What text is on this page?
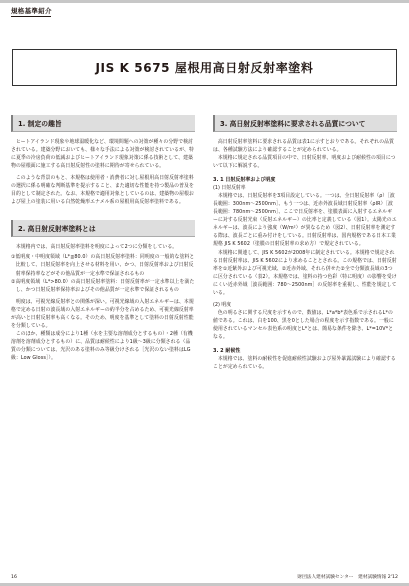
規格基準紹介
JIS K 5675 屋根用高日射反射率塗料
1. 制定の趣旨

ヒートアイランド現象や地球温暖化など、環境問題への対策が種々の分野で検討されている。建築分野においても、様々な手法による対策が検討されているが、特に夏季の冷房負荷の低減およびヒートアイランド現象対策に係る技術として、建築物の屋根面に施工する高日射反射性の塗料に期待が寄せられている。

このような背景のもと、本規格は使用者・消費者に対し屋根用高日射反射率塗料の選択に係る明確な判断基準を提示すること、また適切な性能を持つ製品の普及を目的として制定された。なお、本規格で適用対象としているのは、建築物の屋根および屋上の塗装に用いる白然乾燥形エナメル系の屋根用高反射率塗料である。

2. 高日射反射率塗料とは

本規格内では、高日射反射率塗料を明度によって2つに分類をしている。

①低明度・中明度領域（L*≦80.0）の高日射反射率塗料：同明度の一般的な塗料と比較して、日射反射率を向上させる材料を用い、かつ、日射反射率および日射反射率保持率などがその他品質が一定水準で保証されるもの

②高明度領域（L*>80.0）の高日射反射率塗料：日射反射率が一定水準以上を満たし、かつ日射反射率保持率およびその他品質が一定水準で保証されるもの

明度は、可視光線反射率との関係が深い。可視光線域の入射エネルギーは、本規格で定める日射の波長域の入射エネルギーの約半分を占めるため、可視光線反射率が高いと日射反射率も高くなる。そのため、明度を基準として塗料の日射反射性能を分類している。

このほか、種類は成分により1種（水を主要な溶剤成分とするもの）・2種（有機溶剤を溶剤成分とするもの）に、品質は耐候性により1級～3級に分類される（品質の分類については、光沢のある塗料のみ等級分けされる［光沢のない塗料はLG級：Low Gloss］）。

3. 高日射反射率塗料に要求される品質について

高日射反射率塗料に要求される品質は表1に示すとおりである。それぞれの品質は、各種試験方法により確認することが定められている。

本規格に規定される品質項目の中で、日射反射率、明度および耐候性の項目について以下に解説する。

3. 1 日射反射率および明度
(1) 日射反射率

本規格では、日射反射率を3項目設定している。一つは、全日射反射率（ρ）［波長範囲：300nm～2500nm］、もう一つは、近赤外波長域日射反射率（ρIR）［波長範囲：780nm～2500nm］、ここで日反射率を、塗膜表面に入射するエネルギーに対する反射光束（反射エネルギー）の比率と定義している（図1）。太陽光のエネルギーは、波長により強度（W/m²）が異なるため（図2）、日射反射率を測定する際は、波長ごとに重み付けをしている。日射反射率は、国内規格である日本工業規格 JIS K 5602（塗膜の日射反射率の求め方）で規定されている。

本規格に関連して、JIS K 5602が2008年に制定されている。本規格で規定される日射反射率は、JIS K 5602により求めることとされる。この規格では、日射反射率を①近紫外および可視光域、②近赤外域、それら併せた②全で分類波長域の3つに区分されている（表2）。本規格では、塗料の持つ色彩（特に明度）の影響を受けにくい近赤外域［波長範囲：780～2500nm］の反射率を重視し、性能を規定している。

(2) 明度

色の明るさに関する尺度を示すもので、数値は、L*a*b*表色系で示されるL*の値である。これは、白を100、黒を0とした場合の程度を示す指数である。一般に使用されているマンセル表色系の明度とL*とは、簡易な条件を除き、L*=10V*となる。

3. 2 耐候性

本規格では、塗料の耐候性を促進耐候性試験および屋外暴露試験により確認することが定められている。

16	財団法人建材試験センター　建材試験情報 2'12
